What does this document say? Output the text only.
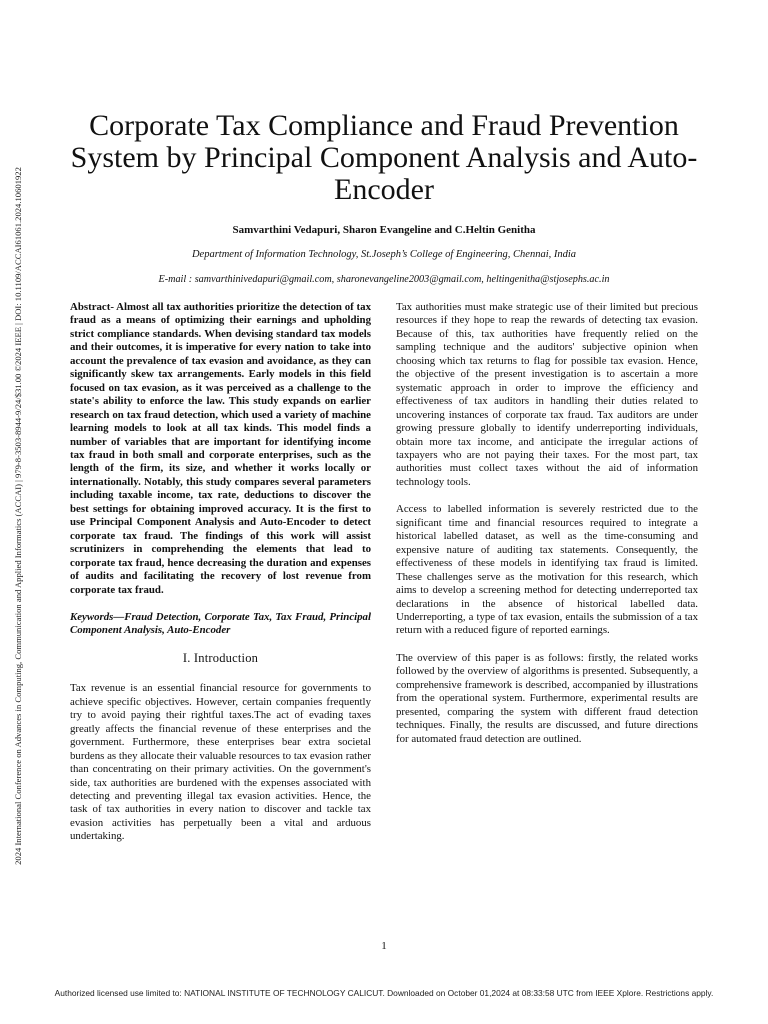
2024 International Conference on Advances in Computing, Communication and Applied Informatics (ACCAI) | 979-8-3503-8944-9/24/$31.00 ©2024 IEEE | DOI: 10.1109/ACCAI61061.2024.10601922
Corporate Tax Compliance and Fraud Prevention System by Principal Component Analysis and Auto-Encoder
Samvarthini Vedapuri, Sharon Evangeline and C.Heltin Genitha
Department of Information Technology, St.Joseph’s College of Engineering, Chennai, India
E-mail : samvarthinivedapuri@gmail.com, sharonevangeline2003@gmail.com, heltingenitha@stjosephs.ac.in

Abstract- Almost all tax authorities prioritize the detection of tax fraud as a means of optimizing their earnings and upholding strict compliance standards. When devising standard tax models and their outcomes, it is imperative for every nation to take into account the prevalence of tax evasion and avoidance, as they can significantly skew tax arrangements. Early models in this field focused on tax evasion, as it was perceived as a challenge to the state's ability to enforce the law. This study expands on earlier research on tax fraud detection, which used a variety of machine learning models to look at all tax kinds. This model finds a number of variables that are important for identifying income tax fraud in both small and corporate enterprises, such as the length of the firm, its size, and whether it works locally or internationally. Notably, this study compares several parameters including taxable income, tax rate, deductions to discover the best settings for obtaining improved accuracy. It is the first to use Principal Component Analysis and Auto-Encoder to detect corporate tax fraud. The findings of this work will assist scrutinizers in comprehending the elements that lead to corporate tax fraud, hence decreasing the duration and expenses of audits and facilitating the recovery of lost revenue from corporate tax fraud.

Keywords—Fraud Detection, Corporate Tax, Tax Fraud, Principal Component Analysis, Auto-Encoder

I. Introduction

Tax revenue is an essential financial resource for governments to achieve specific objectives. However, certain companies frequently try to avoid paying their rightful taxes.The act of evading taxes greatly affects the financial revenue of these enterprises and the government. Furthermore, these enterprises bear extra societal burdens as they allocate their valuable resources to tax evasion rather than concentrating on their primary activities. On the government's side, tax authorities are burdened with the expenses associated with detecting and preventing illegal tax evasion activities. Hence, the task of tax authorities in every nation to discover and tackle tax evasion activities has perpetually been a vital and arduous undertaking.

Tax authorities must make strategic use of their limited but precious resources if they hope to reap the rewards of detecting tax evasion. Because of this, tax authorities have frequently relied on the sampling technique and the auditors' subjective opinion when choosing which tax returns to flag for possible tax evasion. Hence, the objective of the present investigation is to ascertain a more systematic approach in order to improve the efficiency and effectiveness of tax auditors in handling their duties related to uncovering instances of corporate tax fraud. Tax auditors are under growing pressure globally to identify underreporting individuals, obtain more tax income, and anticipate the irregular actions of taxpayers who are not paying their taxes. For the most part, tax authorities must collect taxes without the aid of information technology tools.

Access to labelled information is severely restricted due to the significant time and financial resources required to integrate a historical labelled dataset, as well as the time-consuming and expensive nature of auditing tax statements. Consequently, the effectiveness of these models in identifying tax fraud is limited. These challenges serve as the motivation for this research, which aims to develop a screening method for detecting underreported tax declarations in the absence of historical labelled data. Underreporting, a type of tax evasion, entails the submission of a tax return with a reduced figure of reported earnings.

The overview of this paper is as follows: firstly, the related works followed by the overview of algorithms is presented. Subsequently, a comprehensive framework is described, accompanied by illustrations from the operational system. Furthermore, experimental results are presented, comparing the system with different fraud detection techniques. Finally, the results are discussed, and future directions for automated fraud detection are outlined.

1
Authorized licensed use limited to: NATIONAL INSTITUTE OF TECHNOLOGY CALICUT. Downloaded on October 01,2024 at 08:33:58 UTC from IEEE Xplore. Restrictions apply.
